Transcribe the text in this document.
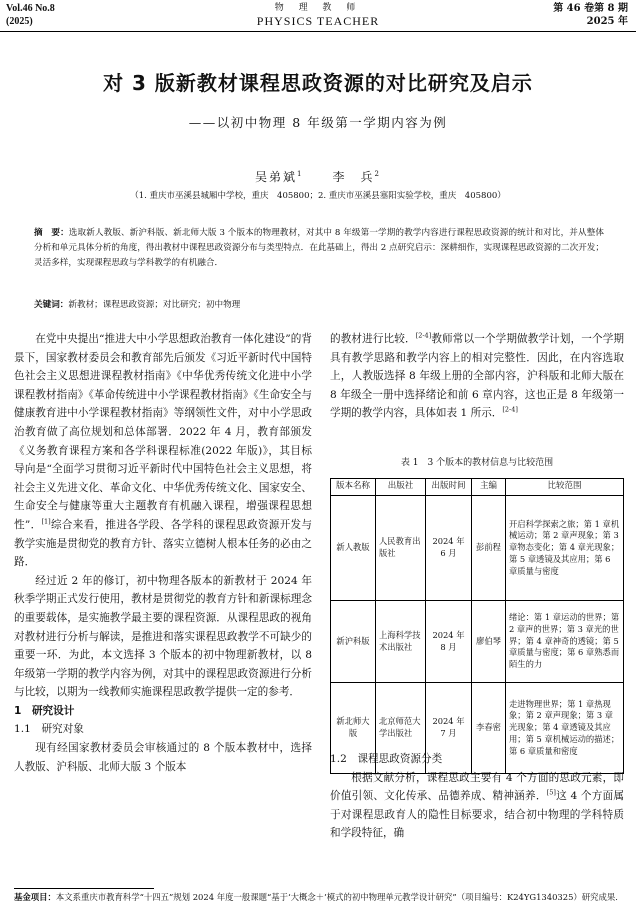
Vol.46 No.8
(2025)
物 理 教 师
PHYSICS TEACHER
第 46 卷第 8 期
2025 年
对 3 版新教材课程思政资源的对比研究及启示
——以初中物理 8 年级第一学期内容为例
吴弟斌$^1$ 李　兵$^2$
（1. 重庆市巫溪县城厢中学校，重庆　405800；2. 重庆市巫溪县塞阳实验学校，重庆　405800）
摘　要：选取新人教版、新沪科版、新北师大版 3 个版本的物理教材，对其中 8 年级第一学期的教学内容进行课程思政资源的统计和对比，并从整体分析和单元具体分析的角度，得出教材中课程思政资源分布与类型特点．在此基础上，得出 2 点研究启示：深耕细作，实现课程思政资源的二次开发；灵活多样，实现课程思政与学科教学的有机融合．
关键词：新教材；课程思政资源；对比研究；初中物理

在党中央提出“推进大中小学思想政治教育一体化建设”的背景下，国家教材委员会和教育部先后颁发《习近平新时代中国特色社会主义思想进课程教材指南》《中华优秀传统文化进中小学课程教材指南》《革命传统进中小学课程教材指南》《生命安全与健康教育进中小学课程教材指南》等纲领性文件，对中小学思政治教育做了高位规划和总体部署．2022 年 4 月，教育部颁发《义务教育课程方案和各学科课程标准(2022 年版)》，其目标导向是“全面学习贯彻习近平新时代中国特色社会主义思想，将社会主义先进文化、革命文化、中华优秀传统文化、国家安全、生命安全与健康等重大主题教育有机融入课程，增强课程思想性”．[1]综合来看，推进各学段、各学科的课程思政资源开发与教学实施是贯彻党的教育方针、落实立德树人根本任务的必由之路．

经过近 2 年的修订，初中物理各版本的新教材于 2024 年秋季学期正式发行使用，教材是贯彻党的教育方针和新课标理念的重要载体，是实施教学最主要的课程资源．从课程思政的视角对教材进行分析与解读，是推进和落实课程思政教学不可缺少的重要一环．为此，本文选择 3 个版本的初中物理新教材，以 8 年级第一学期的教学内容为例，对其中的课程思政资源进行分析与比较，以期为一线教师实施课程思政教学提供一定的参考．

1　研究设计
1.1　研究对象

现有经国家教材委员会审核通过的 8 个版本教材中，选择人教版、沪科版、北师大版 3 个版本

的教材进行比较．[2-4]教师常以一个学期做教学计划，一个学期具有教学思路和教学内容上的相对完整性．因此，在内容选取上，人教版选择 8 年级上册的全部内容，沪科版和北师大版在 8 年级全一册中选择绪论和前 6 章内容，这也正是 8 年级第一学期的教学内容，具体如表 1 所示．[2-4]

表 1　3 个版本的教材信息与比较范围
版本名称	出版社	出版时间	主编	比较范围
新人教版	人民教育出版社	2024 年 6 月	彭前程	开启科学探索之旅；第 1 章机械运动；第 2 章声现象；第 3 章物态变化；第 4 章光现象；第 5 章透镜及其应用；第 6 章质量与密度
新沪科版	上海科学技术出版社	2024 年 8 月	廖伯琴	绪论：第 1 章运动的世界；第 2 章声的世界；第 3 章光的世界；第 4 章神奇的透镜；第 5 章质量与密度；第 6 章熟悉而陌生的力
新北师大版	北京师范大学出版社	2024 年 7 月	李春密	走进物理世界；第 1 章热现象；第 2 章声现象；第 3 章光现象；第 4 章透镜及其应用；第 5 章机械运动的描述；第 6 章质量和密度
1.2　课程思政资源分类

根据文献分析，课程思政主要有 4 个方面的思政元素，即价值引领、文化传承、品德养成、精神涵养．[5]这 4 个方面属于对课程思政育人的隐性目标要求，结合初中物理的学科特质和学段特征，确

基金项目：本文系重庆市教育科学“十四五”规划 2024 年度一般课题“基于‘大概念＋’模式的初中物理单元教学设计研究”（项目编号：K24YG1340325）研究成果．
